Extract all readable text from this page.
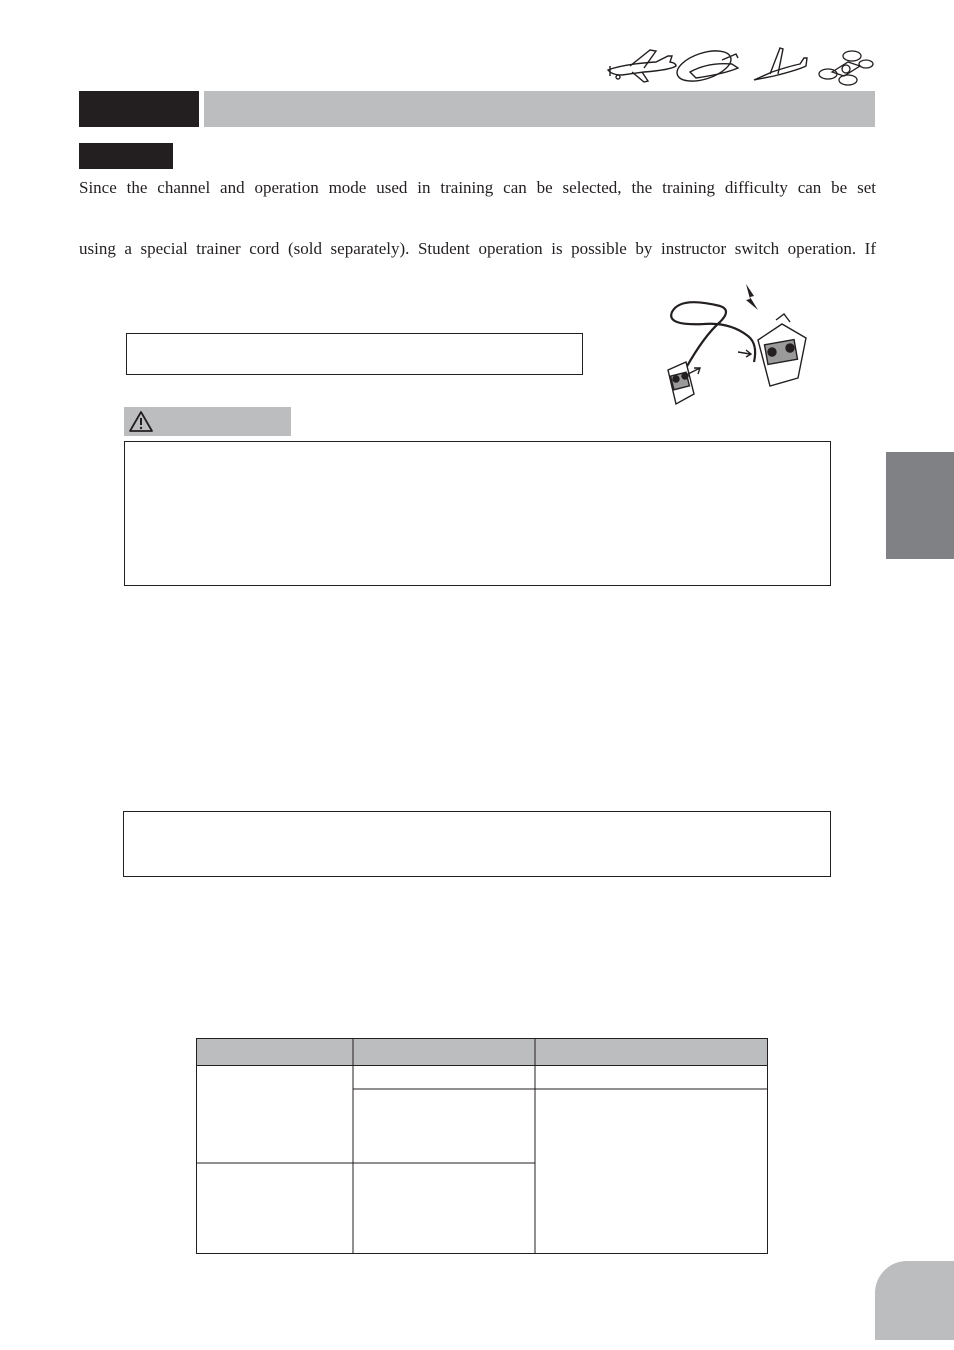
Since the channel and operation mode used in training can be selected, the training difficulty can be set
using a special trainer cord (sold separately). Student operation is possible by instructor switch operation. If
